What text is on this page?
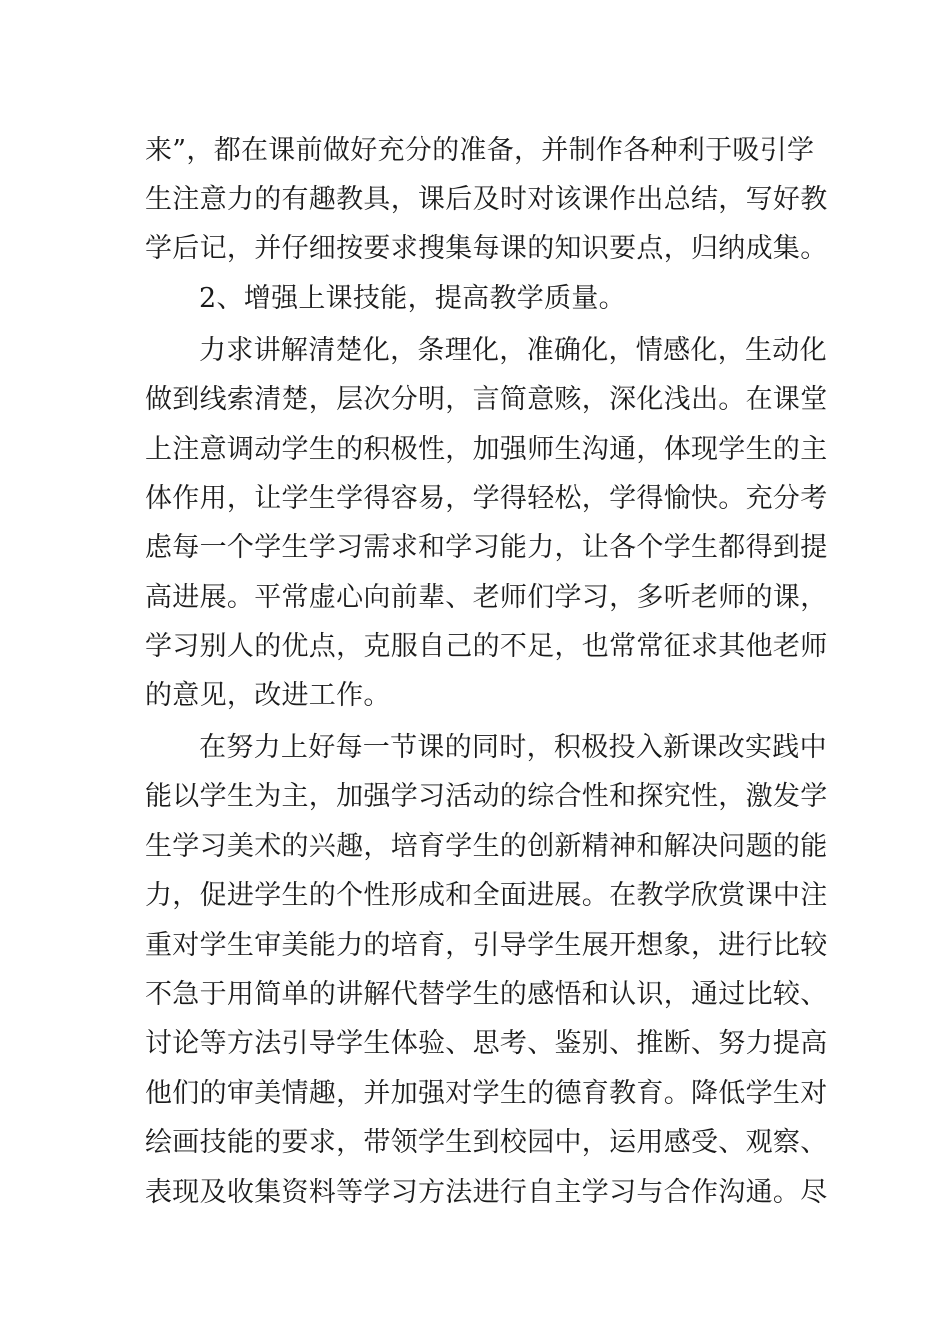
来”，都在课前做好充分的准备，并制作各种利于吸引学
生注意力的有趣教具，课后及时对该课作出总结，写好教
学后记，并仔细按要求搜集每课的知识要点，归纳成集。
2、增强上课技能，提高教学质量。
力求讲解清楚化，条理化，准确化，情感化，生动化
做到线索清楚，层次分明，言简意赅，深化浅出。在课堂
上注意调动学生的积极性，加强师生沟通，体现学生的主
体作用，让学生学得容易，学得轻松，学得愉快。充分考
虑每一个学生学习需求和学习能力，让各个学生都得到提
高进展。平常虚心向前辈、老师们学习，多听老师的课，
学习别人的优点，克服自己的不足，也常常征求其他老师
的意见，改进工作。
在努力上好每一节课的同时，积极投入新课改实践中
能以学生为主，加强学习活动的综合性和探究性，激发学
生学习美术的兴趣，培育学生的创新精神和解决问题的能
力，促进学生的个性形成和全面进展。在教学欣赏课中注
重对学生审美能力的培育，引导学生展开想象，进行比较
不急于用简单的讲解代替学生的感悟和认识，通过比较、
讨论等方法引导学生体验、思考、鉴别、推断、努力提高
他们的审美情趣，并加强对学生的德育教育。降低学生对
绘画技能的要求，带领学生到校园中，运用感受、观察、
表现及收集资料等学习方法进行自主学习与合作沟通。尽
